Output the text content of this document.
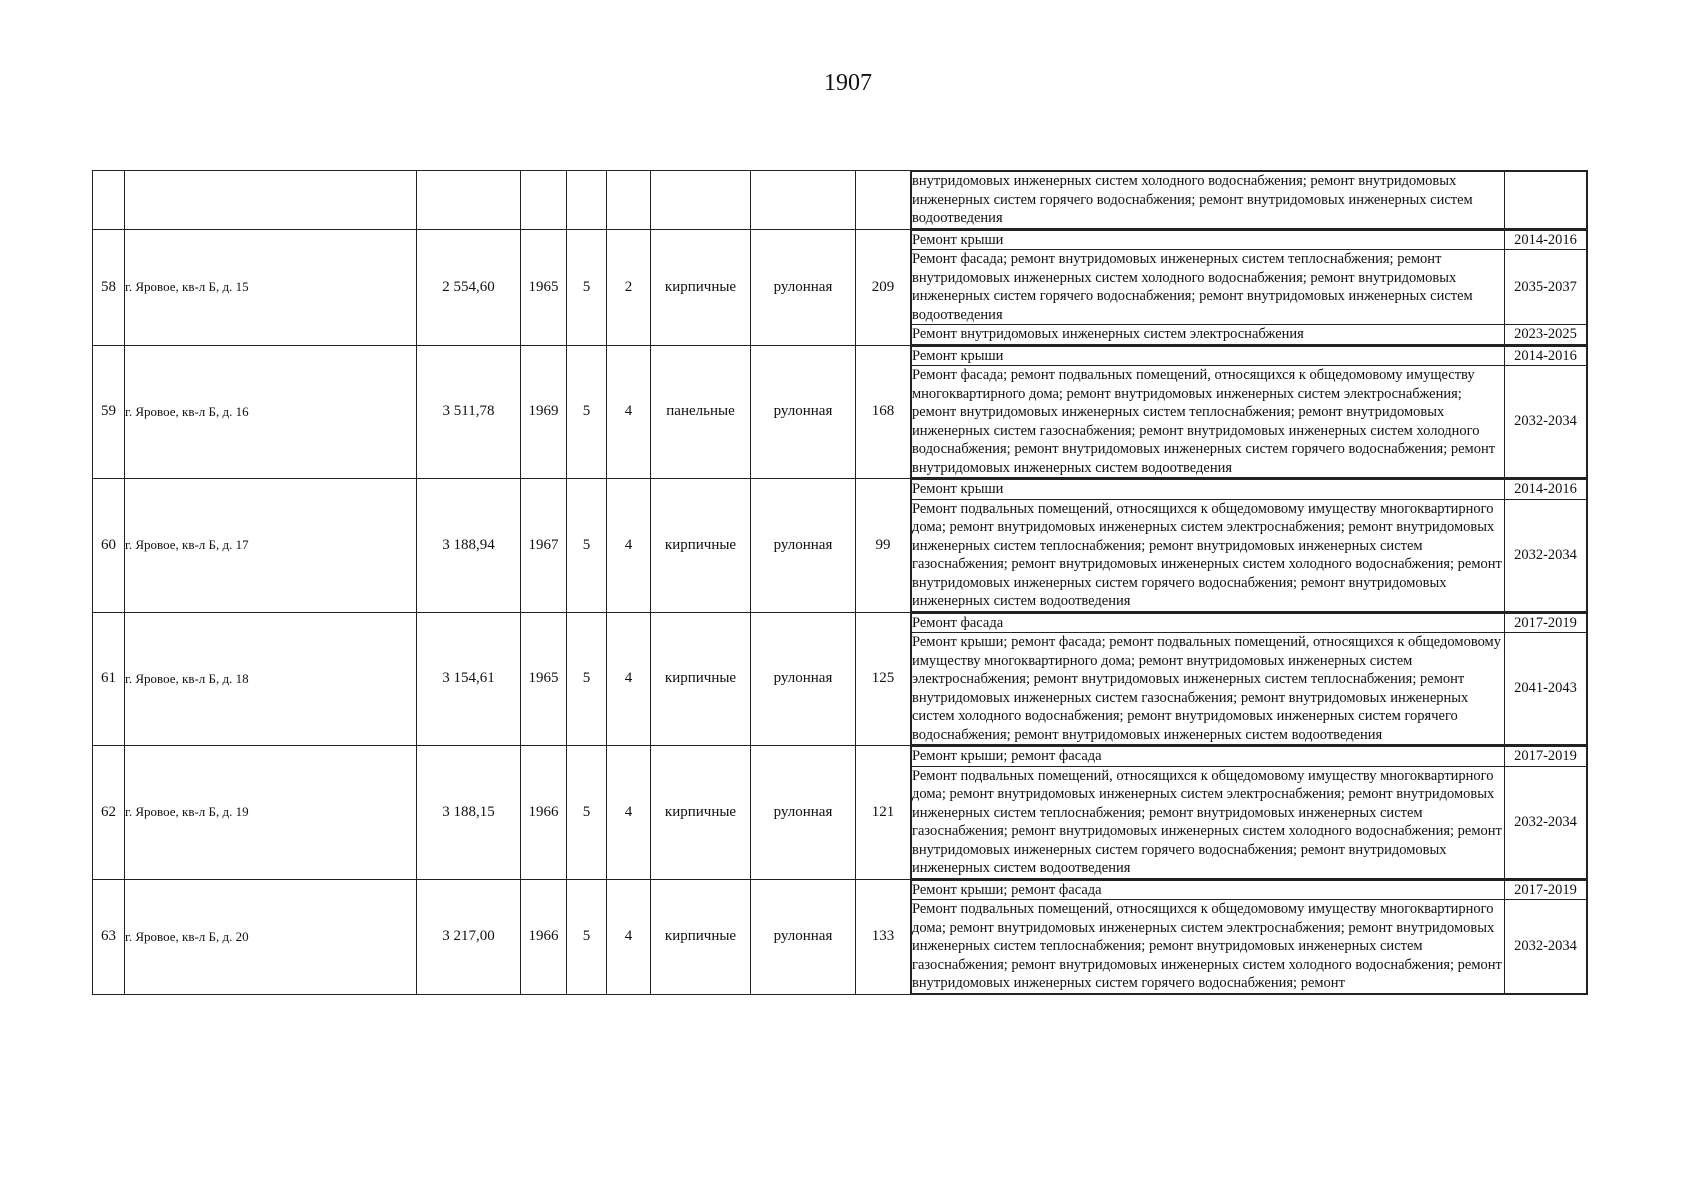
1907

внутридомовых инженерных систем холодного водоснабжения; ремонт внутридомовых инженерных систем горячего водоснабжения; ремонт внутридомовых инженерных систем водоотведения	

58	г. Яровое, кв-л Б, д. 15	2 554,60	1965	5	2	кирпичные	рулонная	209	
Ремонт крыши	2014-2016
Ремонт фасада; ремонт внутридомовых инженерных систем теплоснабжения; ремонт внутридомовых инженерных систем холодного водоснабжения; ремонт внутридомовых инженерных систем горячего водоснабжения; ремонт внутридомовых инженерных систем водоотведения	2035-2037
Ремонт внутридомовых инженерных систем электроснабжения	2023-2025

59	г. Яровое, кв-л Б, д. 16	3 511,78	1969	5	4	панельные	рулонная	168	
Ремонт крыши	2014-2016
Ремонт фасада; ремонт подвальных помещений, относящихся к общедомовому имуществу многоквартирного дома; ремонт внутридомовых инженерных систем электроснабжения; ремонт внутридомовых инженерных систем теплоснабжения; ремонт внутридомовых инженерных систем газоснабжения; ремонт внутридомовых инженерных систем холодного водоснабжения; ремонт внутридомовых инженерных систем горячего водоснабжения; ремонт внутридомовых инженерных систем водоотведения	2032-2034

60	г. Яровое, кв-л Б, д. 17	3 188,94	1967	5	4	кирпичные	рулонная	99	
Ремонт крыши	2014-2016
Ремонт подвальных помещений, относящихся к общедомовому имуществу многоквартирного дома; ремонт внутридомовых инженерных систем электроснабжения; ремонт внутридомовых инженерных систем теплоснабжения; ремонт внутридомовых инженерных систем газоснабжения; ремонт внутридомовых инженерных систем холодного водоснабжения; ремонт внутридомовых инженерных систем горячего водоснабжения; ремонт внутридомовых инженерных систем водоотведения	2032-2034

61	г. Яровое, кв-л Б, д. 18	3 154,61	1965	5	4	кирпичные	рулонная	125	
Ремонт фасада	2017-2019
Ремонт крыши; ремонт фасада; ремонт подвальных помещений, относящихся к общедомовому имуществу многоквартирного дома; ремонт внутридомовых инженерных систем электроснабжения; ремонт внутридомовых инженерных систем теплоснабжения; ремонт внутридомовых инженерных систем газоснабжения; ремонт внутридомовых инженерных систем холодного водоснабжения; ремонт внутридомовых инженерных систем горячего водоснабжения; ремонт внутридомовых инженерных систем водоотведения	2041-2043

62	г. Яровое, кв-л Б, д. 19	3 188,15	1966	5	4	кирпичные	рулонная	121	
Ремонт крыши; ремонт фасада	2017-2019
Ремонт подвальных помещений, относящихся к общедомовому имуществу многоквартирного дома; ремонт внутридомовых инженерных систем электроснабжения; ремонт внутридомовых инженерных систем теплоснабжения; ремонт внутридомовых инженерных систем газоснабжения; ремонт внутридомовых инженерных систем холодного водоснабжения; ремонт внутридомовых инженерных систем горячего водоснабжения; ремонт внутридомовых инженерных систем водоотведения	2032-2034

63	г. Яровое, кв-л Б, д. 20	3 217,00	1966	5	4	кирпичные	рулонная	133	
Ремонт крыши; ремонт фасада	2017-2019
Ремонт подвальных помещений, относящихся к общедомовому имуществу многоквартирного дома; ремонт внутридомовых инженерных систем электроснабжения; ремонт внутридомовых инженерных систем теплоснабжения; ремонт внутридомовых инженерных систем газоснабжения; ремонт внутридомовых инженерных систем холодного водоснабжения; ремонт внутридомовых инженерных систем горячего водоснабжения; ремонт	2032-2034
